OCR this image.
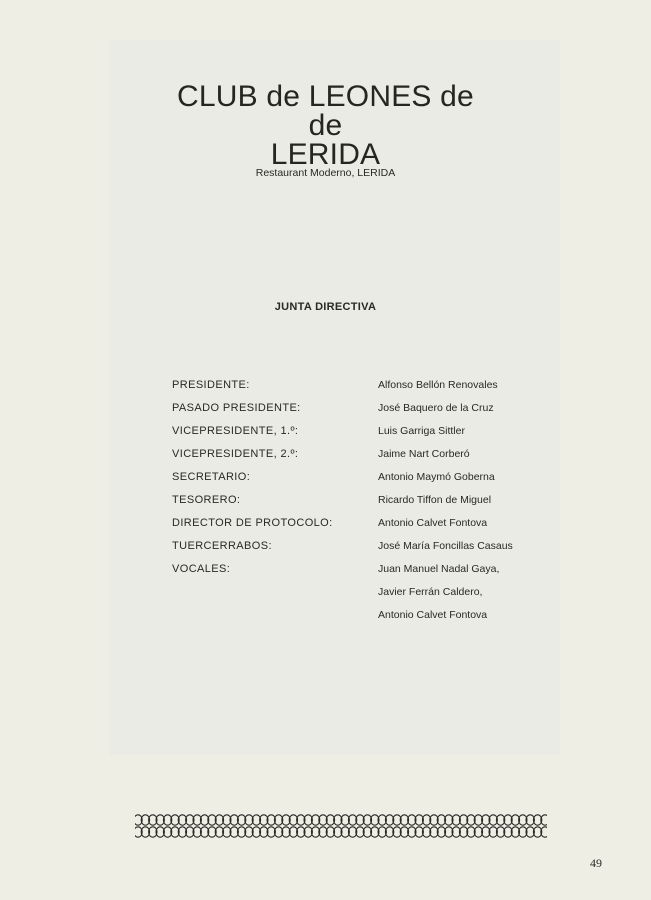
CLUB de LEONES de
de
LERIDA
Restaurant Moderno, LERIDA
JUNTA DIRECTIVA
PRESIDENTE:	Alfonso Bellón Renovales
PASADO PRESIDENTE:	José Baquero de la Cruz
VICEPRESIDENTE, 1.º:	Luis Garriga Sittler
VICEPRESIDENTE, 2.º:	Jaime Nart Corberó
SECRETARIO:	Antonio Maymó Goberna
TESORERO:	Ricardo Tiffon de Miguel
DIRECTOR DE PROTOCOLO:	Antonio Calvet Fontova
TUERCERRABOS:	José María Foncillas Casaus
VOCALES:	Juan Manuel Nadal Gaya,
Javier Ferrán Caldero,
Antonio Calvet Fontova
49
